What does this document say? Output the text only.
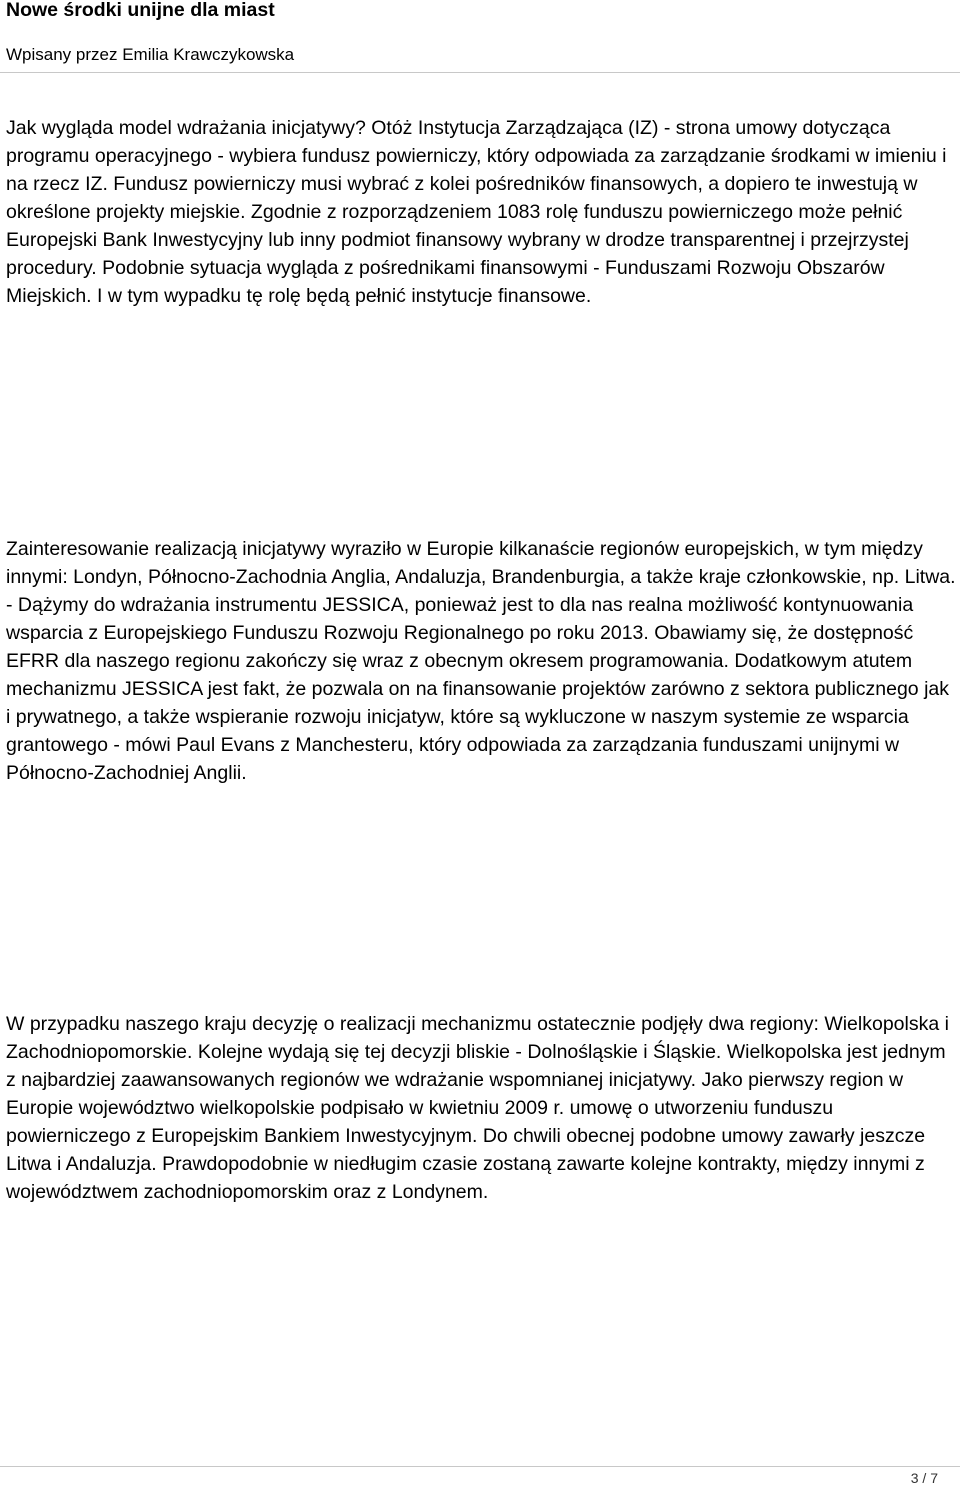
Nowe środki unijne dla miast
Wpisany przez Emilia Krawczykowska

Jak wygląda model wdrażania inicjatywy? Otóż Instytucja Zarządzająca (IZ) - strona umowy dotycząca programu operacyjnego - wybiera fundusz powierniczy, który odpowiada za zarządzanie środkami w imieniu i na rzecz IZ. Fundusz powierniczy musi wybrać z kolei pośredników finansowych, a dopiero te inwestują w określone projekty miejskie. Zgodnie z rozporządzeniem 1083 rolę funduszu powierniczego może pełnić Europejski Bank Inwestycyjny lub inny podmiot finansowy wybrany w drodze transparentnej i przejrzystej procedury. Podobnie sytuacja wygląda z pośrednikami finansowymi - Funduszami Rozwoju Obszarów Miejskich. I w tym wypadku tę rolę będą pełnić instytucje finansowe.

Zainteresowanie realizacją inicjatywy wyraziło w Europie kilkanaście regionów europejskich, w tym między innymi: Londyn, Północno-Zachodnia Anglia, Andaluzja, Brandenburgia, a także kraje członkowskie, np. Litwa. - Dążymy do wdrażania instrumentu JESSICA, ponieważ jest to dla nas realna możliwość kontynuowania wsparcia z Europejskiego Funduszu Rozwoju Regionalnego po roku 2013. Obawiamy się, że dostępność EFRR dla naszego regionu zakończy się wraz z obecnym okresem programowania. Dodatkowym atutem mechanizmu JESSICA jest fakt, że pozwala on na finansowanie projektów zarówno z sektora publicznego jak i prywatnego, a także wspieranie rozwoju inicjatyw, które są wykluczone w naszym systemie ze wsparcia grantowego - mówi Paul Evans z Manchesteru, który odpowiada za zarządzania funduszami unijnymi w Północno-Zachodniej Anglii.

W przypadku naszego kraju decyzję o realizacji mechanizmu ostatecznie podjęły dwa regiony: Wielkopolska i Zachodniopomorskie. Kolejne wydają się tej decyzji bliskie - Dolnośląskie i Śląskie. Wielkopolska jest jednym z najbardziej zaawansowanych regionów we wdrażanie wspomnianej inicjatywy. Jako pierwszy region w Europie województwo wielkopolskie podpisało w kwietniu 2009 r. umowę o utworzeniu funduszu powierniczego z Europejskim Bankiem Inwestycyjnym. Do chwili obecnej podobne umowy zawarły jeszcze Litwa i Andaluzja. Prawdopodobnie w niedługim czasie zostaną zawarte kolejne kontrakty, między innymi z województwem zachodniopomorskim oraz z Londynem.

3 / 7
